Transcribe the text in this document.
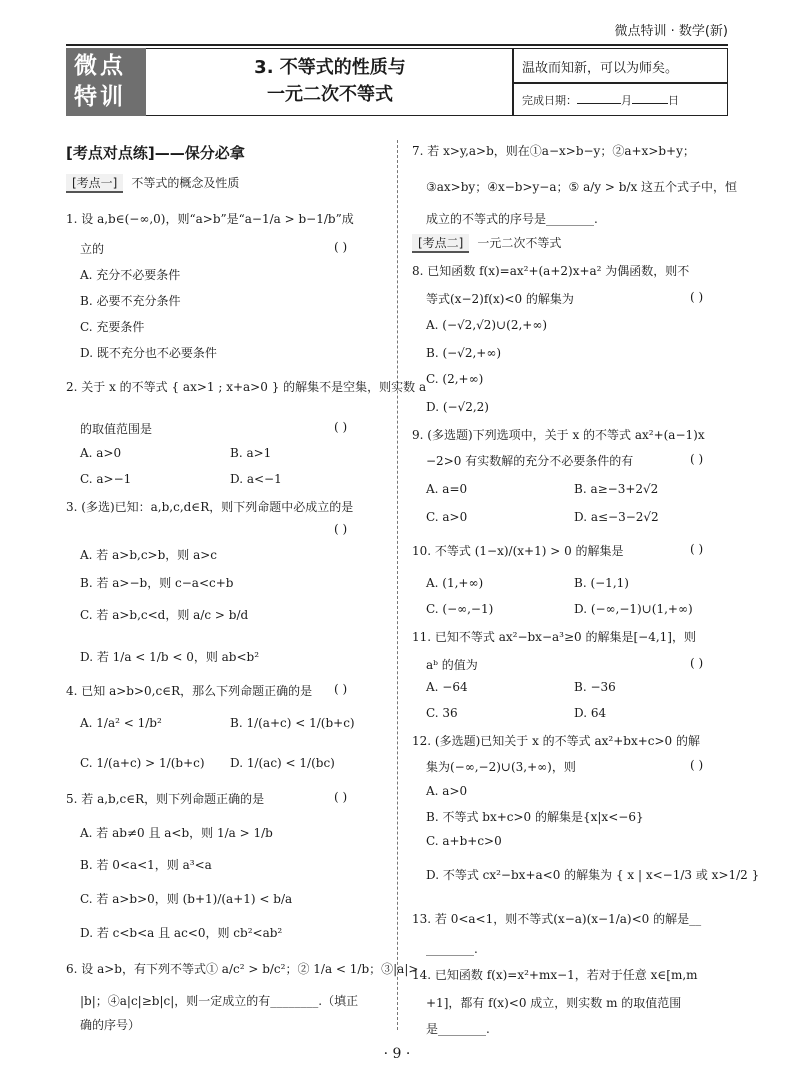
微点特训 · 数学(新)
微点
特训
3. 不等式的性质与
一元二次不等式
温故而知新，可以为师矣。
完成日期：	月	日
[考点对点练]——保分必拿
[考点一] 不等式的概念及性质
[考点二] 一元二次不等式
1. 设 a,b∈(−∞,0)，则“a>b”是“a−1/a > b−1/b”成
立的
A. 充分不必要条件
B. 必要不充分条件
C. 充要条件
D. 既不充分也不必要条件
2. 关于 x 的不等式 { ax>1 ; x+a>0 } 的解集不是空集，则实数 a
的取值范围是
A. a>0	B. a>1
C. a>−1	D. a<−1
3. (多选)已知：a,b,c,d∈R，则下列命题中必成立的是
A. 若 a>b,c>b，则 a>c
B. 若 a>−b，则 c−a<c+b
C. 若 a>b,c<d，则 a/c > b/d
D. 若 1/a < 1/b < 0，则 ab<b²
4. 已知 a>b>0,c∈R，那么下列命题正确的是
A. 1/a² < 1/b²	B. 1/(a+c) < 1/(b+c)
C. 1/(a+c) > 1/(b+c) D. 1/(ac) < 1/(bc)
5. 若 a,b,c∈R，则下列命题正确的是
A. 若 ab≠0 且 a<b，则 1/a > 1/b
B. 若 0<a<1，则 a³<a
C. 若 a>b>0，则 (b+1)/(a+1) < b/a
D. 若 c<b<a 且 ac<0，则 cb²<ab²
6. 设 a>b，有下列不等式① a/c² > b/c²；② 1/a < 1/b；③|a|>
|b|；④a|c|≥b|c|，则一定成立的有________.（填正
确的序号）
( )
( )
( )
( )
( )
7. 若 x>y,a>b，则在①a−x>b−y；②a+x>b+y；
③ax>by；④x−b>y−a；⑤ a/y > b/x 这五个式子中，恒
成立的不等式的序号是________.
8. 已知函数 f(x)=ax²+(a+2)x+a² 为偶函数，则不
等式(x−2)f(x)<0 的解集为
A. (−√2,√2)∪(2,+∞)
B. (−√2,+∞)
C. (2,+∞)
D. (−√2,2)
9. (多选题)下列选项中，关于 x 的不等式 ax²+(a−1)x
−2>0 有实数解的充分不必要条件的有
A. a=0	B. a≥−3+2√2
C. a>0	D. a≤−3−2√2
10. 不等式 (1−x)/(x+1) > 0 的解集是
A. (1,+∞)	B. (−1,1)
C. (−∞,−1)	D. (−∞,−1)∪(1,+∞)
11. 已知不等式 ax²−bx−a³≥0 的解集是[−4,1]，则
aᵇ 的值为
A. −64	B. −36
C. 36	D. 64
12. (多选题)已知关于 x 的不等式 ax²+bx+c>0 的解
集为(−∞,−2)∪(3,+∞)，则
A. a>0
B. 不等式 bx+c>0 的解集是{x|x<−6}
C. a+b+c>0
D. 不等式 cx²−bx+a<0 的解集为 { x | x<−1/3 或 x>1/2 }
13. 若 0<a<1，则不等式(x−a)(x−1/a)<0 的解是__
________.
14. 已知函数 f(x)=x²+mx−1，若对于任意 x∈[m,m
+1]，都有 f(x)<0 成立，则实数 m 的取值范围
是________.
( )
( )
( )
( )
( )
· 9 ·
